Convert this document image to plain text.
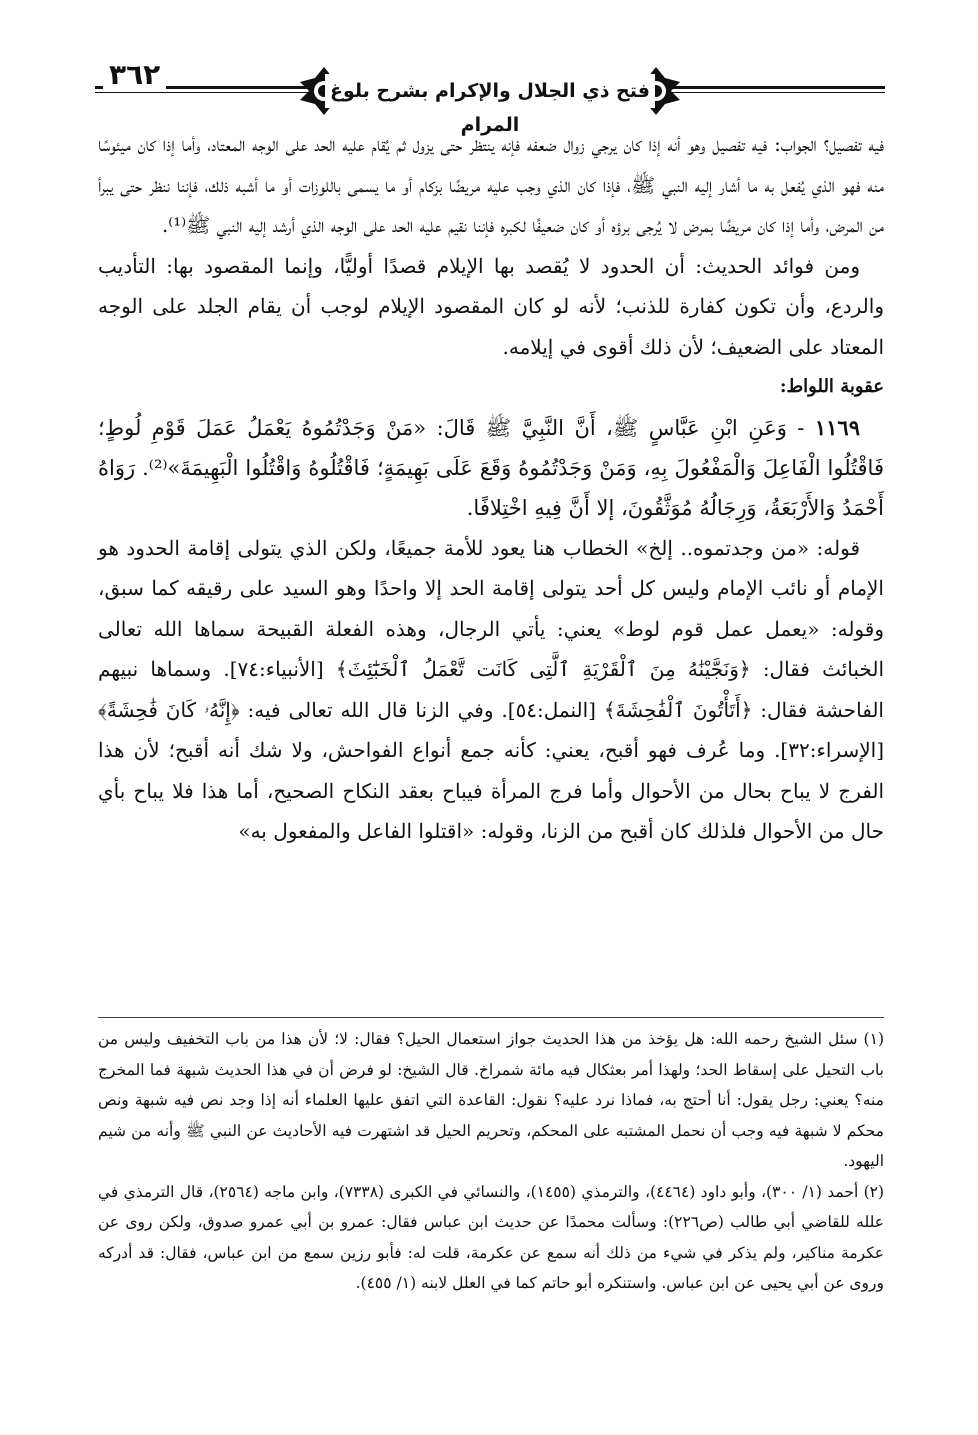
٣٦٢	فتح ذي الجلال والإكرام بشرح بلوغ المرام

فيه تفصيل؟ الجواب: فيه تفصيل وهو أنه إذا كان يرجي زوال ضعفه فإنه ينتظر حتى يزول ثم يُقام عليه الحد على الوجه المعتاد، وأما إذا كان ميئوسًا منه فهو الذي يُفعل به ما أشار إليه النبي ﷺ، فإذا كان الذي وجب عليه مريضًا بزكام أو ما يسمى باللوزات أو ما أشبه ذلك، فإننا ننظر حتى يبرأ من المرض، وأما إذا كان مريضًا بمرض لا يُرجى برؤه أو كان ضعيفًا لكبره فإننا نقيم عليه الحد على الوجه الذي أرشد إليه النبي ﷺ⁽¹⁾.

ومن فوائد الحديث: أن الحدود لا يُقصد بها الإيلام قصدًا أوليًّا، وإنما المقصود بها: التأديب والردع، وأن تكون كفارة للذنب؛ لأنه لو كان المقصود الإيلام لوجب أن يقام الجلد على الوجه المعتاد على الضعيف؛ لأن ذلك أقوى في إيلامه.

عقوبة اللواط:

١١٦٩ - وَعَنِ ابْنِ عَبَّاسٍ ﷺ، أَنَّ النَّبِيَّ ﷺ قَالَ: «مَنْ وَجَدْتُمُوهُ يَعْمَلُ عَمَلَ قَوْمِ لُوطٍ؛ فَاقْتُلُوا الْفَاعِلَ وَالْمَفْعُولَ بِهِ، وَمَنْ وَجَدْتُمُوهُ وَقَعَ عَلَى بَهِيمَةٍ؛ فَاقْتُلُوهُ وَاقْتُلُوا الْبَهِيمَةَ»⁽²⁾. رَوَاهُ أَحْمَدُ وَالأَرْبَعَةُ، وَرِجَالُهُ مُوَثَّقُونَ، إلا أَنَّ فِيهِ اخْتِلافًا.

قوله: «من وجدتموه.. إلخ» الخطاب هنا يعود للأمة جميعًا، ولكن الذي يتولى إقامة الحدود هو الإمام أو نائب الإمام وليس كل أحد يتولى إقامة الحد إلا واحدًا وهو السيد على رقيقه كما سبق، وقوله: «يعمل عمل قوم لوط» يعني: يأتي الرجال، وهذه الفعلة القبيحة سماها الله تعالى الخبائث فقال: ﴿وَنَجَّيْنَٰهُ مِنَ ٱلْقَرْيَةِ ٱلَّتِى كَانَت تَّعْمَلُ ٱلْخَبَٰٓئِثَ﴾ [الأنبياء:٧٤]. وسماها نبيهم الفاحشة فقال: ﴿أَتَأْتُونَ ٱلْفَٰحِشَةَ﴾ [النمل:٥٤]. وفي الزنا قال الله تعالى فيه: ﴿إِنَّهُۥ كَانَ فَٰحِشَةً﴾ [الإسراء:٣٢]. وما عُرف فهو أقبح، يعني: كأنه جمع أنواع الفواحش، ولا شك أنه أقبح؛ لأن هذا الفرج لا يباح بحال من الأحوال وأما فرج المرأة فيباح بعقد النكاح الصحيح، أما هذا فلا يباح بأي حال من الأحوال فلذلك كان أقبح من الزنا، وقوله: «اقتلوا الفاعل والمفعول به»

(١) سئل الشيخ رحمه الله: هل يؤخذ من هذا الحديث جواز استعمال الحيل؟ فقال: لا؛ لأن هذا من باب التخفيف وليس من باب التحيل على إسقاط الحد؛ ولهذا أمر بعثكال فيه مائة شمراخ. قال الشيخ: لو فرض أن في هذا الحديث شبهة فما المخرج منه؟ يعني: رجل يقول: أنا أحتج به، فماذا نرد عليه؟ نقول: القاعدة التي اتفق عليها العلماء أنه إذا وجد نص فيه شبهة ونص محكم لا شبهة فيه وجب أن نحمل المشتبه على المحكم، وتحريم الحيل قد اشتهرت فيه الأحاديث عن النبي ﷺ وأنه من شيم اليهود.

(٢) أحمد (١/ ٣٠٠)، وأبو داود (٤٤٦٤)، والترمذي (١٤٥٥)، والنسائي في الكبرى (٧٣٣٨)، وابن ماجه (٢٥٦٤)، قال الترمذي في علله للقاضي أبي طالب (ص٢٢٦): وسألت محمدًا عن حديث ابن عباس فقال: عمرو بن أبي عمرو صدوق، ولكن روى عن عكرمة مناكير، ولم يذكر في شيء من ذلك أنه سمع عن عكرمة، قلت له: فأبو رزين سمع من ابن عباس، فقال: قد أدركه وروى عن أبي يحيى عن ابن عباس. واستنكره أبو حاتم كما في العلل لابنه (١/ ٤٥٥).
